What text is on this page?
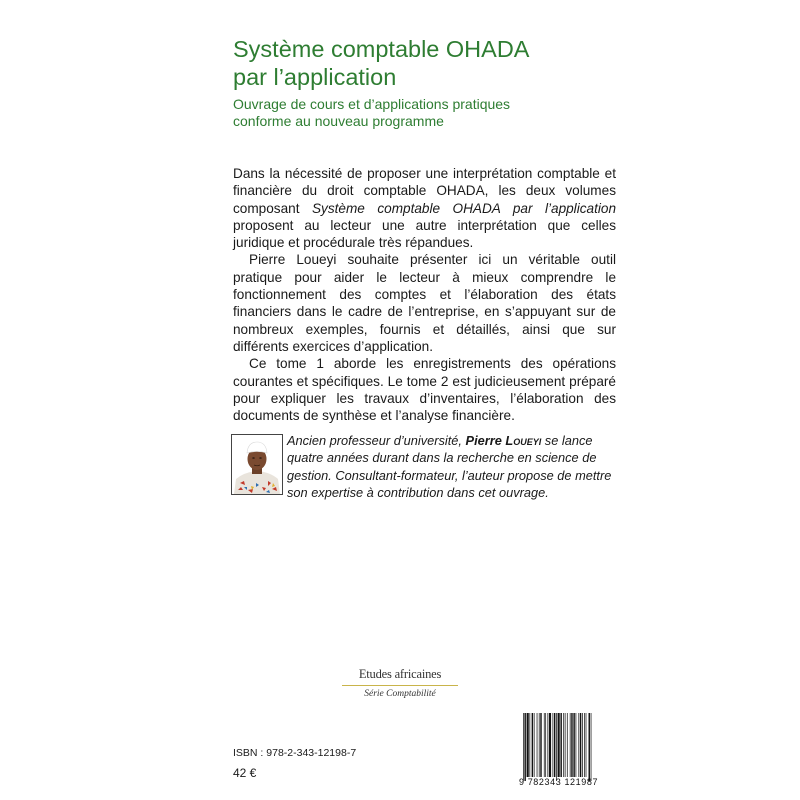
Système comptable OHADA
par l’application

Ouvrage de cours et d’applications pratiques
conforme au nouveau programme

Dans la nécessité de proposer une interprétation comptable et financière du droit comptable OHADA, les deux volumes composant Système comptable OHADA par l’application proposent au lecteur une autre interprétation que celles juridique et procédurale très répandues.

Pierre Loueyi souhaite présenter ici un véritable outil pratique pour aider le lecteur à mieux comprendre le fonctionnement des comptes et l’élaboration des états financiers dans le cadre de l’entreprise, en s’appuyant sur de nombreux exemples, fournis et détaillés, ainsi que sur différents exercices d’application.

Ce tome 1 aborde les enregistrements des opérations courantes et spécifiques. Le tome 2 est judicieusement préparé pour expliquer les travaux d’inventaires, l’élaboration des documents de synthèse et l’analyse financière.

Ancien professeur d’université, Pierre Loueyi se lance quatre années durant dans la recherche en science de gestion. Consultant-formateur, l’auteur propose de mettre son expertise à contribution dans cet ouvrage.

Etudes africaines
Série Comptabilité
ISBN : 978-2-343-12198-7
42 €
9 782343 121987
